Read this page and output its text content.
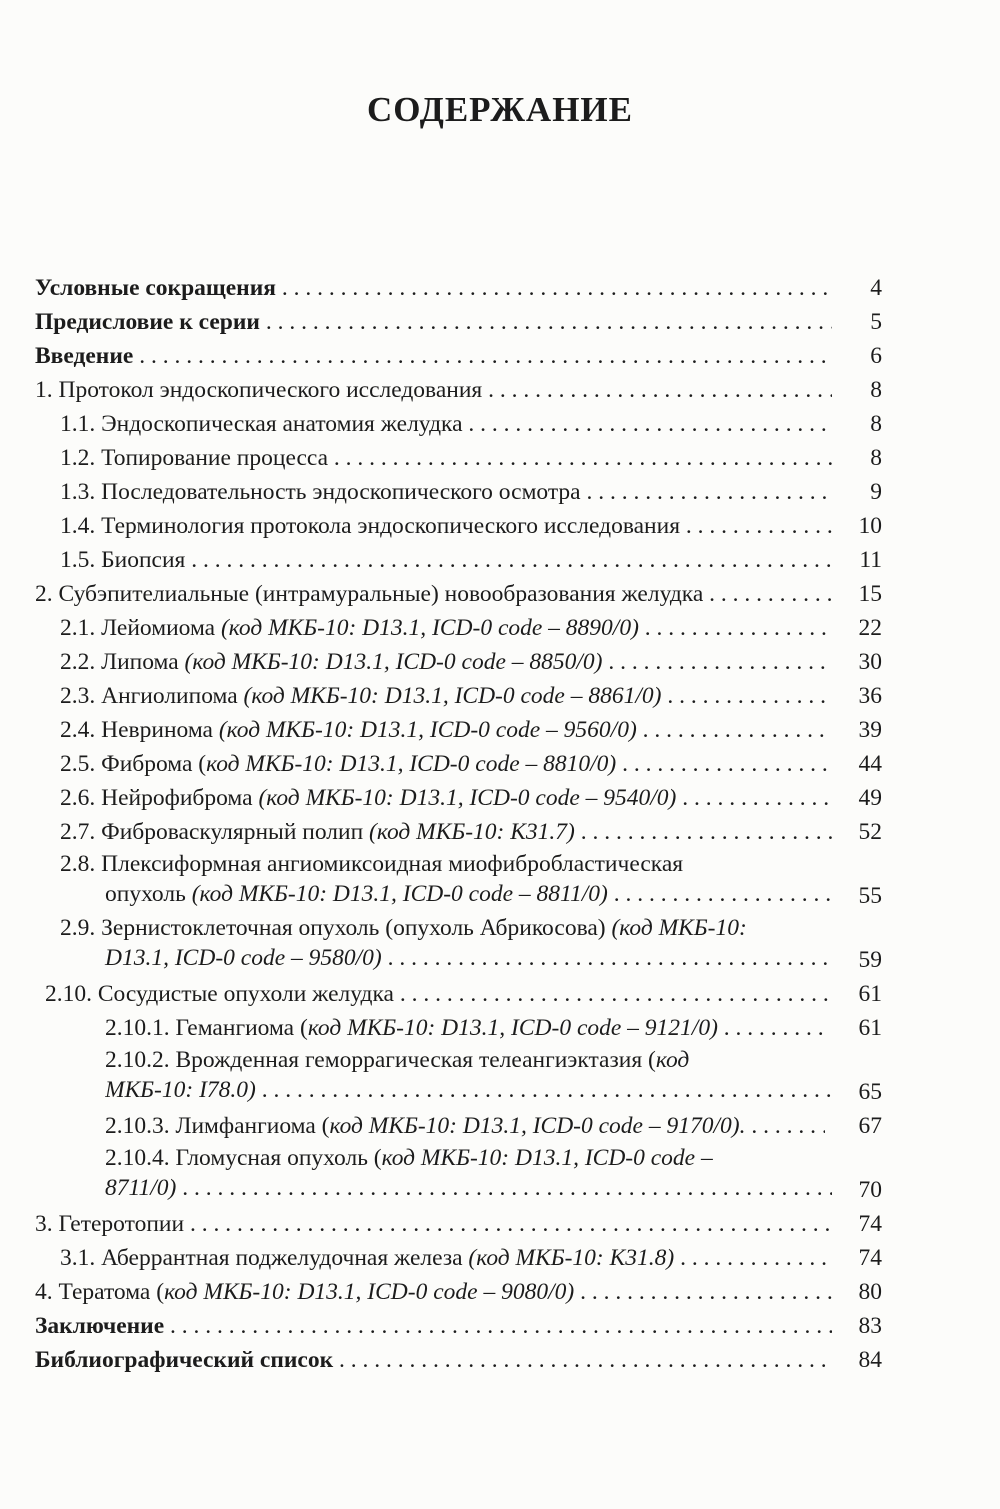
СОДЕРЖАНИЕ
Условные сокращения . . .	4
Предисловие к серии . . .	5
Введение . . .	6
1. Протокол эндоскопического исследования . . .	8
1.1. Эндоскопическая анатомия желудка . . .	8
1.2. Топирование процесса . . .	8
1.3. Последовательность эндоскопического осмотра . . .	9
1.4. Терминология протокола эндоскопического исследования . . .	10
1.5. Биопсия . . .	11
2. Субэпителиальные (интрамуральные) новообразования желудка . . .	15
2.1. Лейомиома (код МКБ-10: D13.1, ICD-0 code – 8890/0) . . .	22
2.2. Липома (код МКБ-10: D13.1, ICD-0 code – 8850/0) . . .	30
2.3. Ангиолипома (код МКБ-10: D13.1, ICD-0 code – 8861/0) . . .	36
2.4. Невринома (код МКБ-10: D13.1, ICD-0 code – 9560/0) . . .	39
2.5. Фиброма (код МКБ-10: D13.1, ICD-0 code – 8810/0) . . .	44
2.6. Нейрофиброма (код МКБ-10: D13.1, ICD-0 code – 9540/0) . . .	49
2.7. Фиброваскулярный полип (код МКБ-10: K31.7) . . .	52
2.8. Плексиформная ангиомиксоидная миофибробластическая
опухоль (код МКБ-10: D13.1, ICD-0 code – 8811/0) . . .	55
2.9. Зернистоклеточная опухоль (опухоль Абрикосова) (код МКБ-10:
D13.1, ICD-0 code – 9580/0) . . .	59
2.10. Сосудистые опухоли желудка . . .	61
2.10.1. Гемангиома (код МКБ-10: D13.1, ICD-0 code – 9121/0) . . .	61
2.10.2. Врожденная геморрагическая телеангиэктазия (код
МКБ-10: I78.0) . . .	65
2.10.3. Лимфангиома (код МКБ-10: D13.1, ICD-0 code – 9170/0). . . .	67
2.10.4. Гломусная опухоль (код МКБ-10: D13.1, ICD-0 code –
8711/0) . . .	70
3. Гетеротопии . . .	74
3.1. Аберрантная поджелудочная железа (код МКБ-10: K31.8) . . .	74
4. Тератома (код МКБ-10: D13.1, ICD-0 code – 9080/0) . . .	80
Заключение . . .	83
Библиографический список . . .	84
